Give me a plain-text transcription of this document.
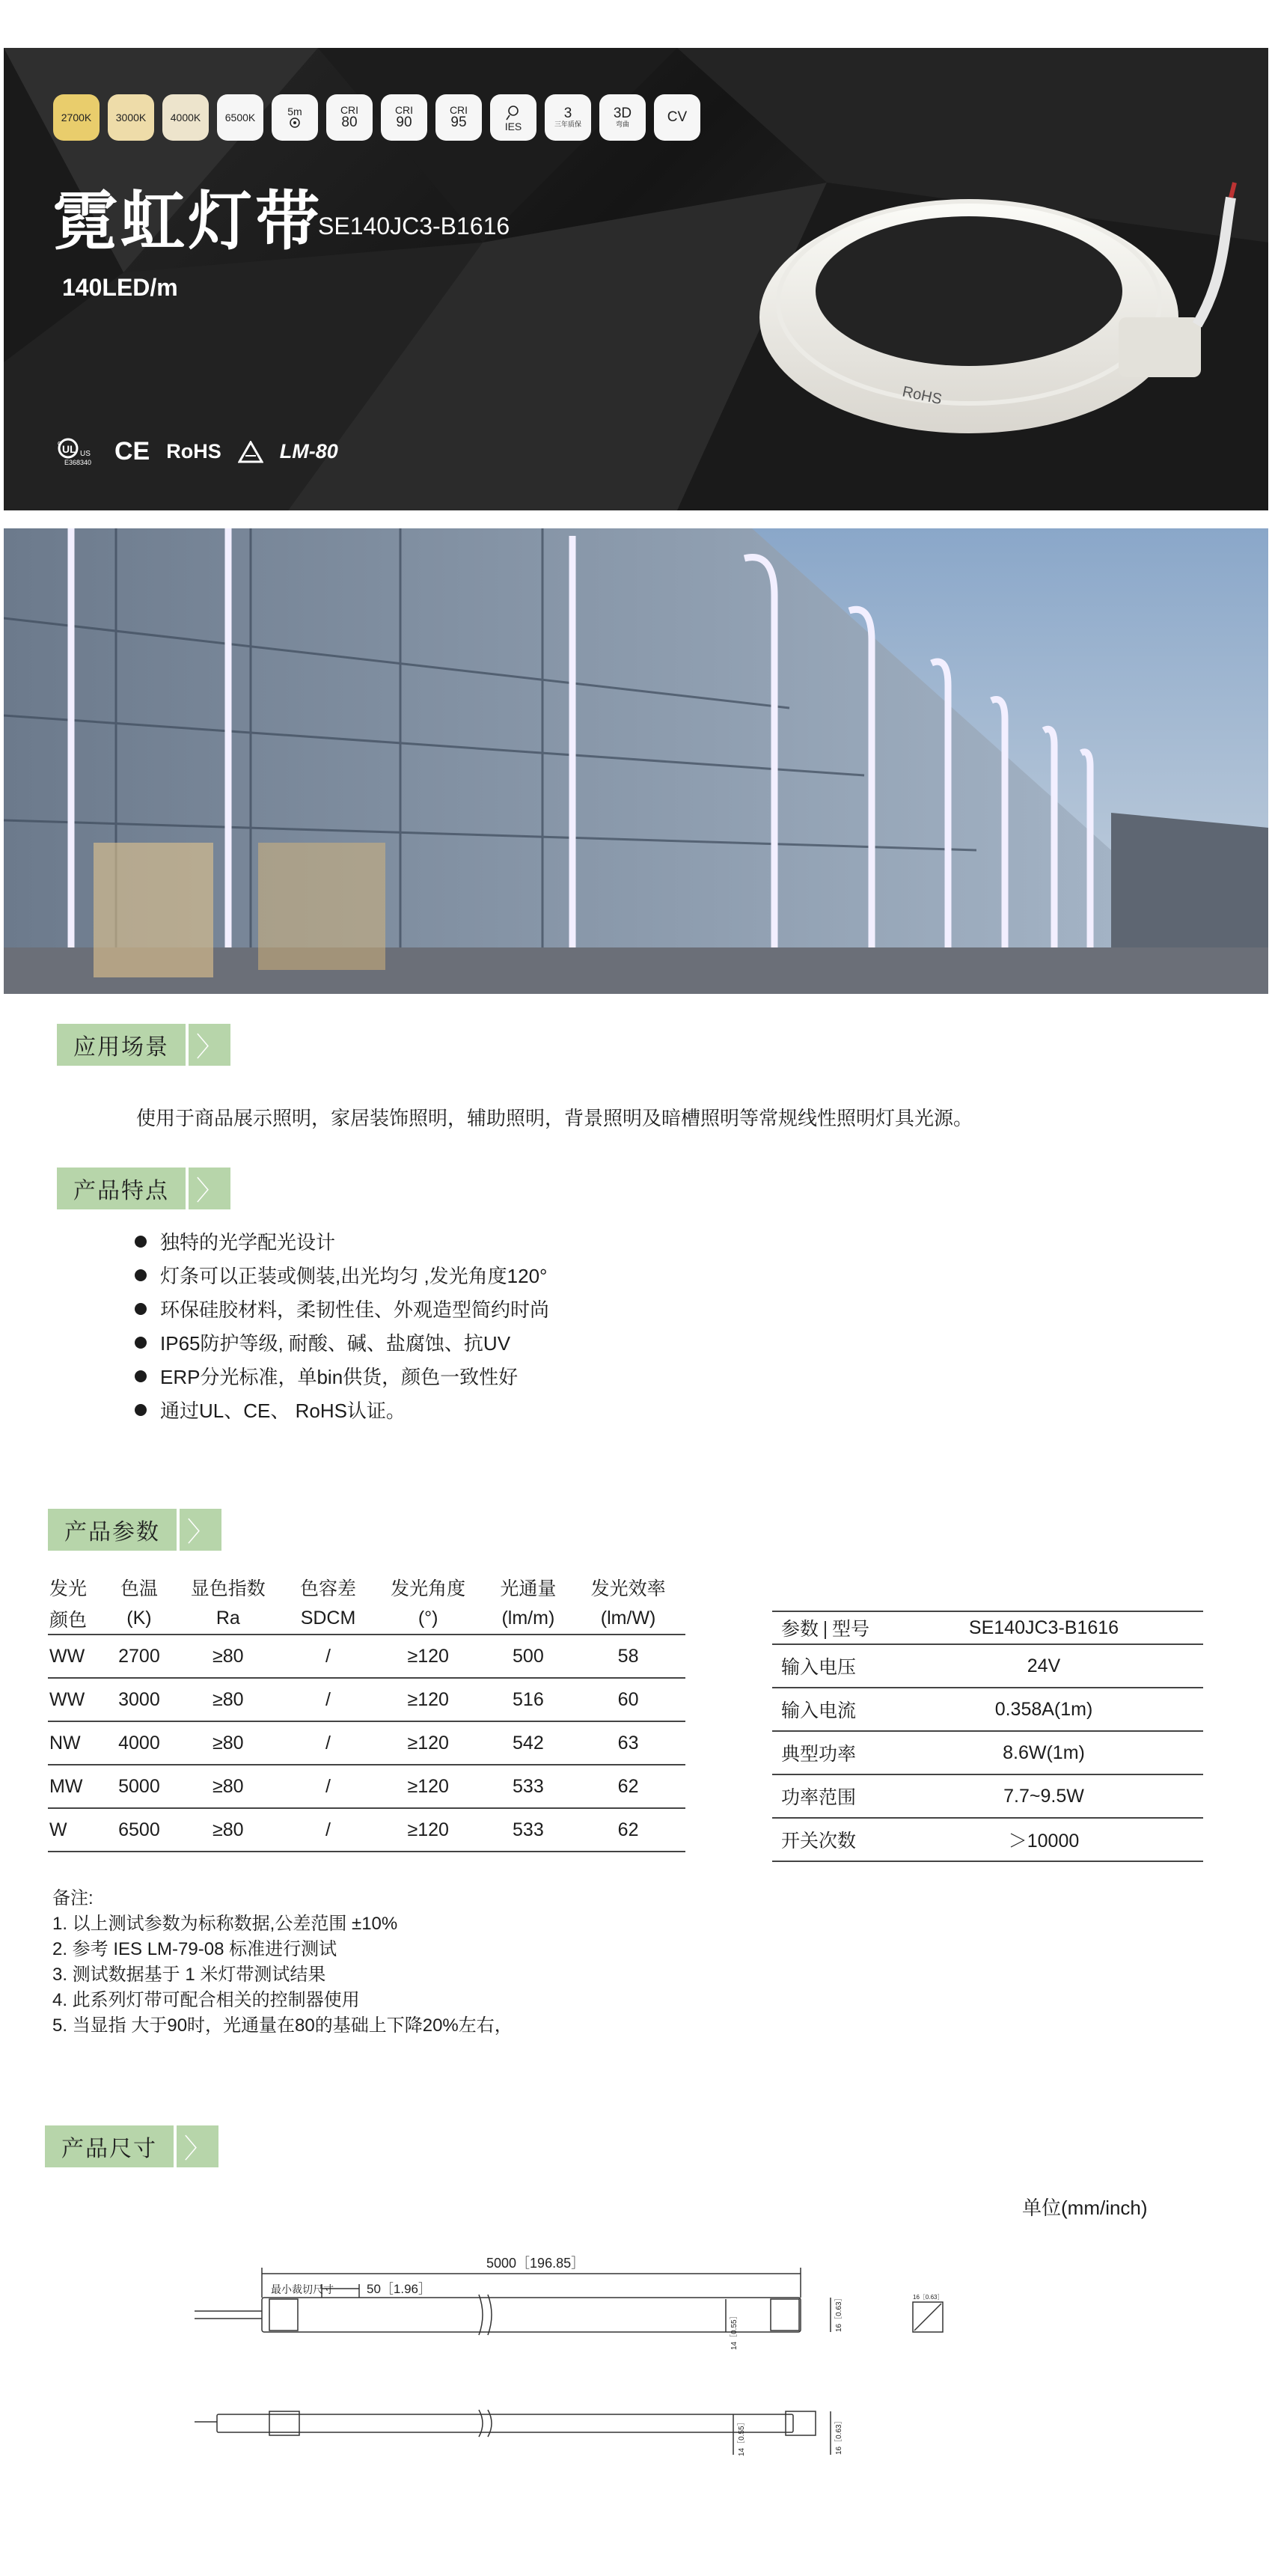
2700K 3000K 4000K 6500K	5m	CRI
80
CRI
90
CRI
95	IES
3
三年质保
3D
弯曲	CV
霓虹灯带
SE140JC3-B1616
140LED/m
UL US
c
E368340 CE RoHS	LM-80
RoHS
应用场景 〉
使用于商品展示照明，家居装饰照明，辅助照明，背景照明及暗槽照明等常规线性照明灯具光源。
产品特点 〉
独特的光学配光设计
灯条可以正装或侧装,出光均匀 ,发光角度120°
环保硅胶材料，柔韧性佳、外观造型简约时尚
IP65防护等级, 耐酸、碱、盐腐蚀、抗UV
ERP分光标准，单bin供货，颜色一致性好
通过UL、CE、 RoHS认证。
产品参数 〉
发光	色温	显色指数	色容差	发光角度	光通量	发光效率
颜色	(K)	Ra	SDCM	(°)	(lm/m)	(lm/W)
WW	2700	≥80	/	≥120	500	58
WW	3000	≥80	/	≥120	516	60
NW	4000	≥80	/	≥120	542	63
MW	5000	≥80	/	≥120	533	62
W	6500	≥80	/	≥120	533	62
参数 型号	SE140JC3-B1616
输入电压	24V
输入电流	0.358A(1m)
典型功率	8.6W(1m)
功率范围	7.7~9.5W
开关次数	＞10000
备注:
1. 以上测试参数为标称数据,公差范围 ±10%
2. 参考 IES LM-79-08 标准进行测试
3. 测试数据基于 1 米灯带测试结果
4. 此系列灯带可配合相关的控制器使用
5. 当显指 大于90时，光通量在80的基础上下降20%左右，
产品尺寸 〉
单位(mm/inch)
5000［196.85］
最小裁切尺寸	50［1.96］
14［0.55］	16［0.63］
14［0.55］	16［0.63］
16［0.63］
